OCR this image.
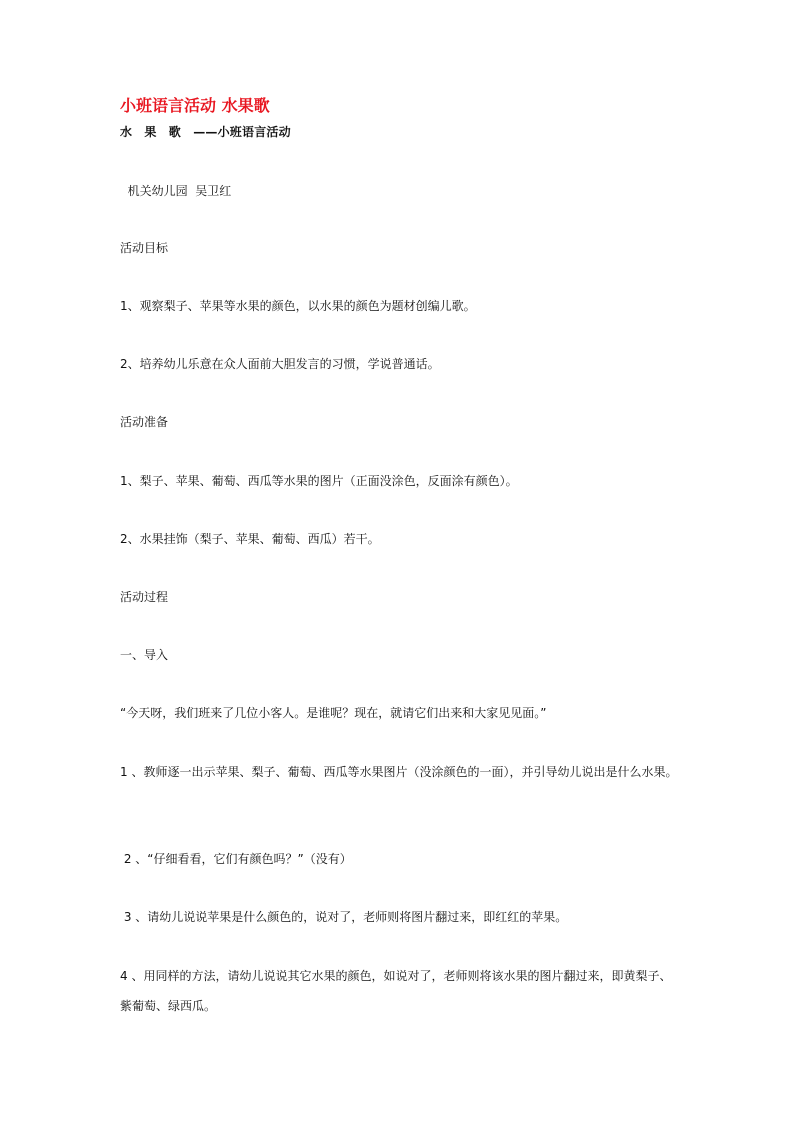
小班语言活动 水果歌
水　果　歌　——小班语言活动
机关幼儿园  吴卫红
活动目标
1、观察梨子、苹果等水果的颜色，以水果的颜色为题材创编儿歌。
2、培养幼儿乐意在众人面前大胆发言的习惯，学说普通话。
活动准备
1、梨子、苹果、葡萄、西瓜等水果的图片（正面没涂色，反面涂有颜色）。
2、水果挂饰（梨子、苹果、葡萄、西瓜）若干。
活动过程
一、导入
“今天呀，我们班来了几位小客人。是谁呢？现在，就请它们出来和大家见见面。”
1 、教师逐一出示苹果、梨子、葡萄、西瓜等水果图片（没涂颜色的一面），并引导幼儿说出是什么水果。
2 、“仔细看看，它们有颜色吗？”（没有）
3 、请幼儿说说苹果是什么颜色的，说对了，老师则将图片翻过来，即红红的苹果。
4 、用同样的方法，请幼儿说说其它水果的颜色，如说对了，老师则将该水果的图片翻过来，即黄梨子、紫葡萄、绿西瓜。
